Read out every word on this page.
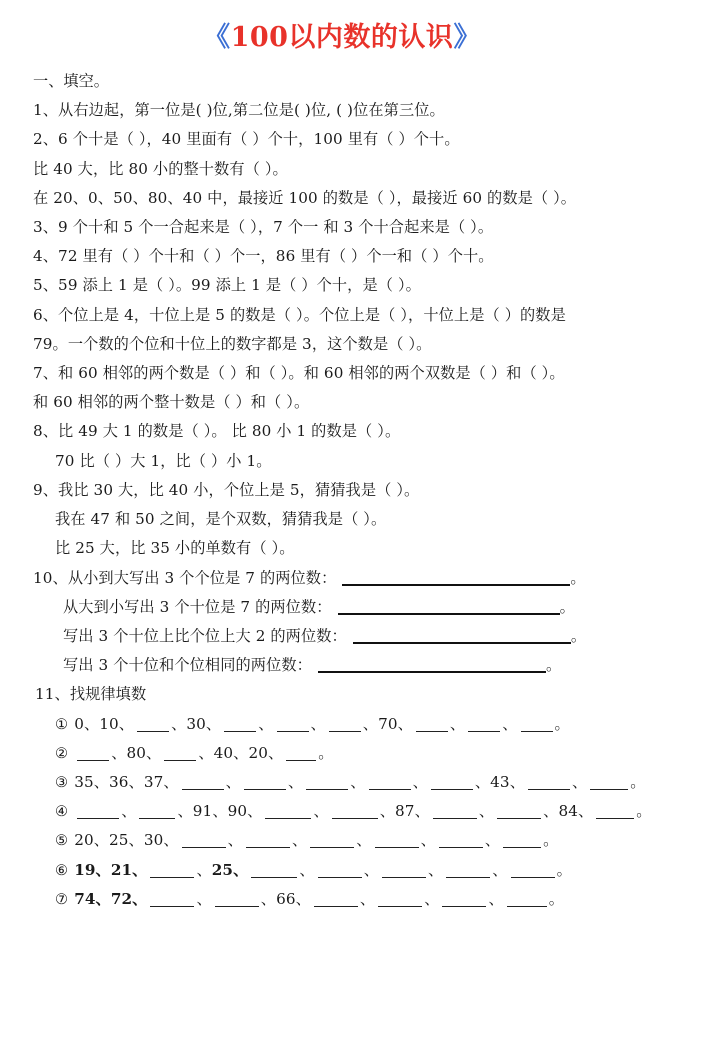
《100以内数的认识》
一、填空。
1、从右边起，第一位是( )位,第二位是( )位, ( )位在第三位。
2、6 个十是（ ），40 里面有（ ）个十，100 里有（ ）个十。
比 40 大，比 80 小的整十数有（ ）。
在 20、0、50、80、40 中，最接近 100 的数是（ ），最接近 60 的数是（ ）。
3、9 个十和 5 个一合起来是（ ），7 个一 和 3 个十合起来是（ ）。
4、72 里有（ ）个十和（ ）个一，86 里有（ ）个一和（ ）个十。
5、59 添上 1 是（ ）。99 添上 1 是（ ）个十，是（ ）。
6、个位上是 4，十位上是 5 的数是（ ）。个位上是（ ），十位上是（ ）的数是
79。一个数的个位和十位上的数字都是 3，这个数是（ ）。
7、和 60 相邻的两个数是（ ）和（ ）。和 60 相邻的两个双数是（ ）和（ ）。
和 60 相邻的两个整十数是（ ）和（ ）。
8、比 49 大 1 的数是（ ）。 比 80 小 1 的数是（ ）。
70 比（ ）大 1，比（ ）小 1。
9、我比 30 大，比 40 小，个位上是 5，猜猜我是（ ）。
我在 47 和 50 之间，是个双数，猜猜我是（ ）。
比 25 大，比 35 小的单数有（ ）。
10、从小到大写出 3 个个位是 7 的两位数：	。
从大到小写出 3 个十位是 7 的两位数：	。
写出 3 个十位上比个位上大 2 的两位数：	。
写出 3 个十位和个位相同的两位数：	。
11、找规律填数
① 0、10、 、30、 、 、 、70、 、 、 。
②	、80、 、40、20、 。
③ 35、36、37、	、	、	、	、	、43、	、	。
④	、	、91、90、	、	、87、	、	、84、	。
⑤ 20、25、30、	、	、	、	、	、	。
⑥ 19、21、	、25、	、	、	、	、	。
⑦ 74、72、	、	、66、	、	、	、	。
